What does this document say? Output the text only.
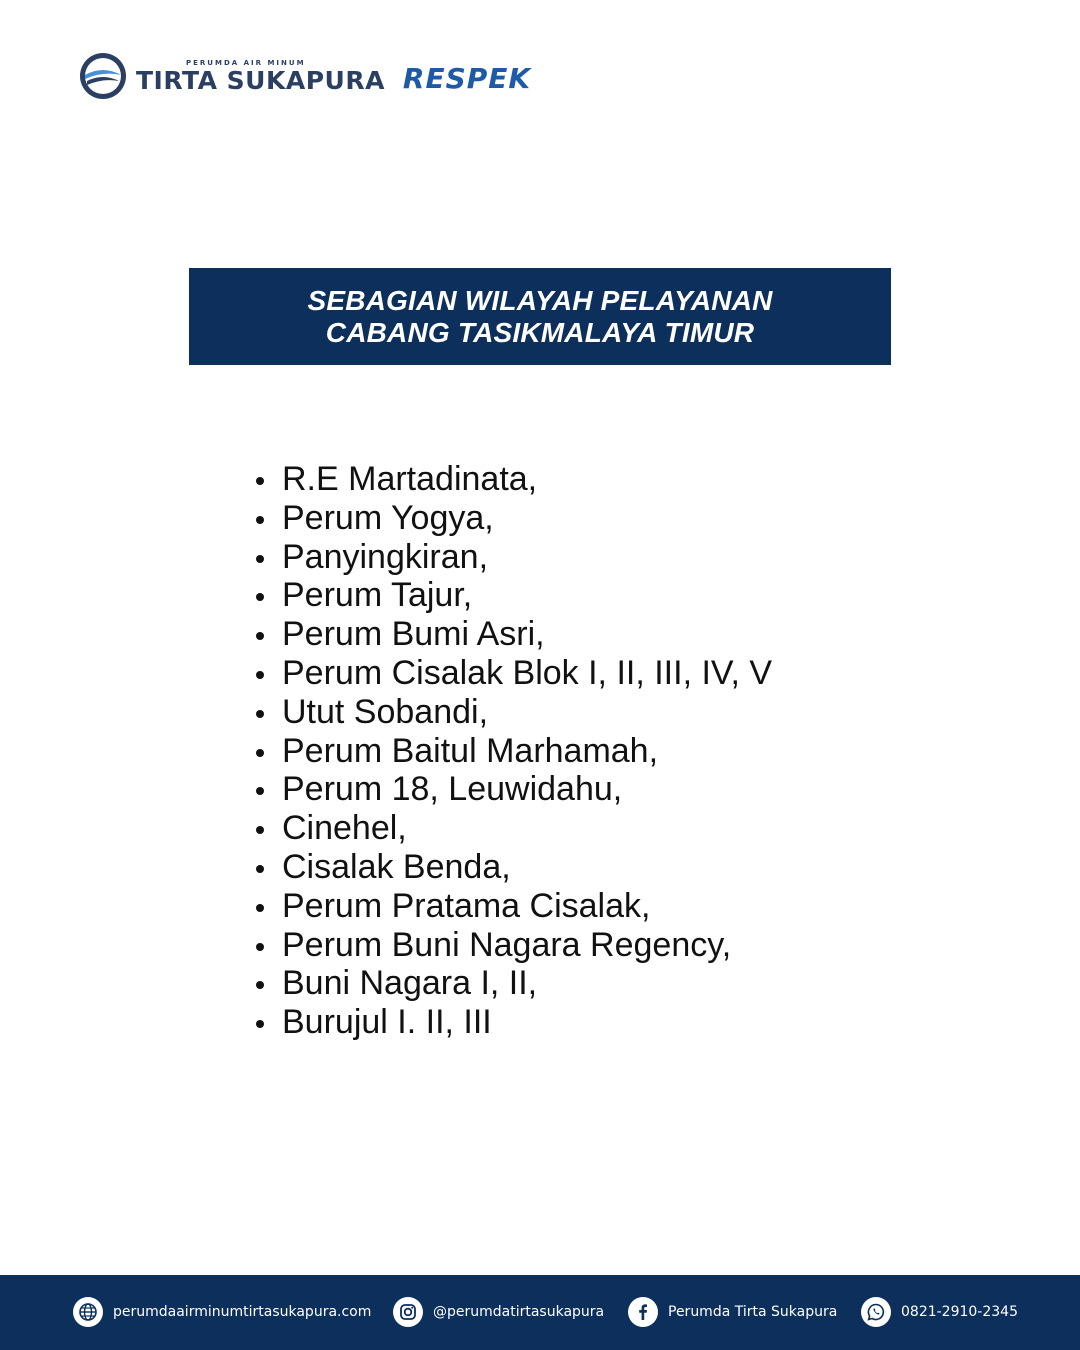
PERUMDA AIR MINUM
TIRTA SUKAPURA RESPEK
SEBAGIAN WILAYAH PELAYANAN
CABANG TASIKMALAYA TIMUR
R.E Martadinata,
Perum Yogya,
Panyingkiran,
Perum Tajur,
Perum Bumi Asri,
Perum Cisalak Blok I, II, III, IV, V
Utut Sobandi,
Perum Baitul Marhamah,
Perum 18, Leuwidahu,
Cinehel,
Cisalak Benda,
Perum Pratama Cisalak,
Perum Buni Nagara Regency,
Buni Nagara I, II,
Burujul I. II, III
perumdaairminumtirtasukapura.com	@perumdatirtasukapura	Perumda Tirta Sukapura	0821-2910-2345
